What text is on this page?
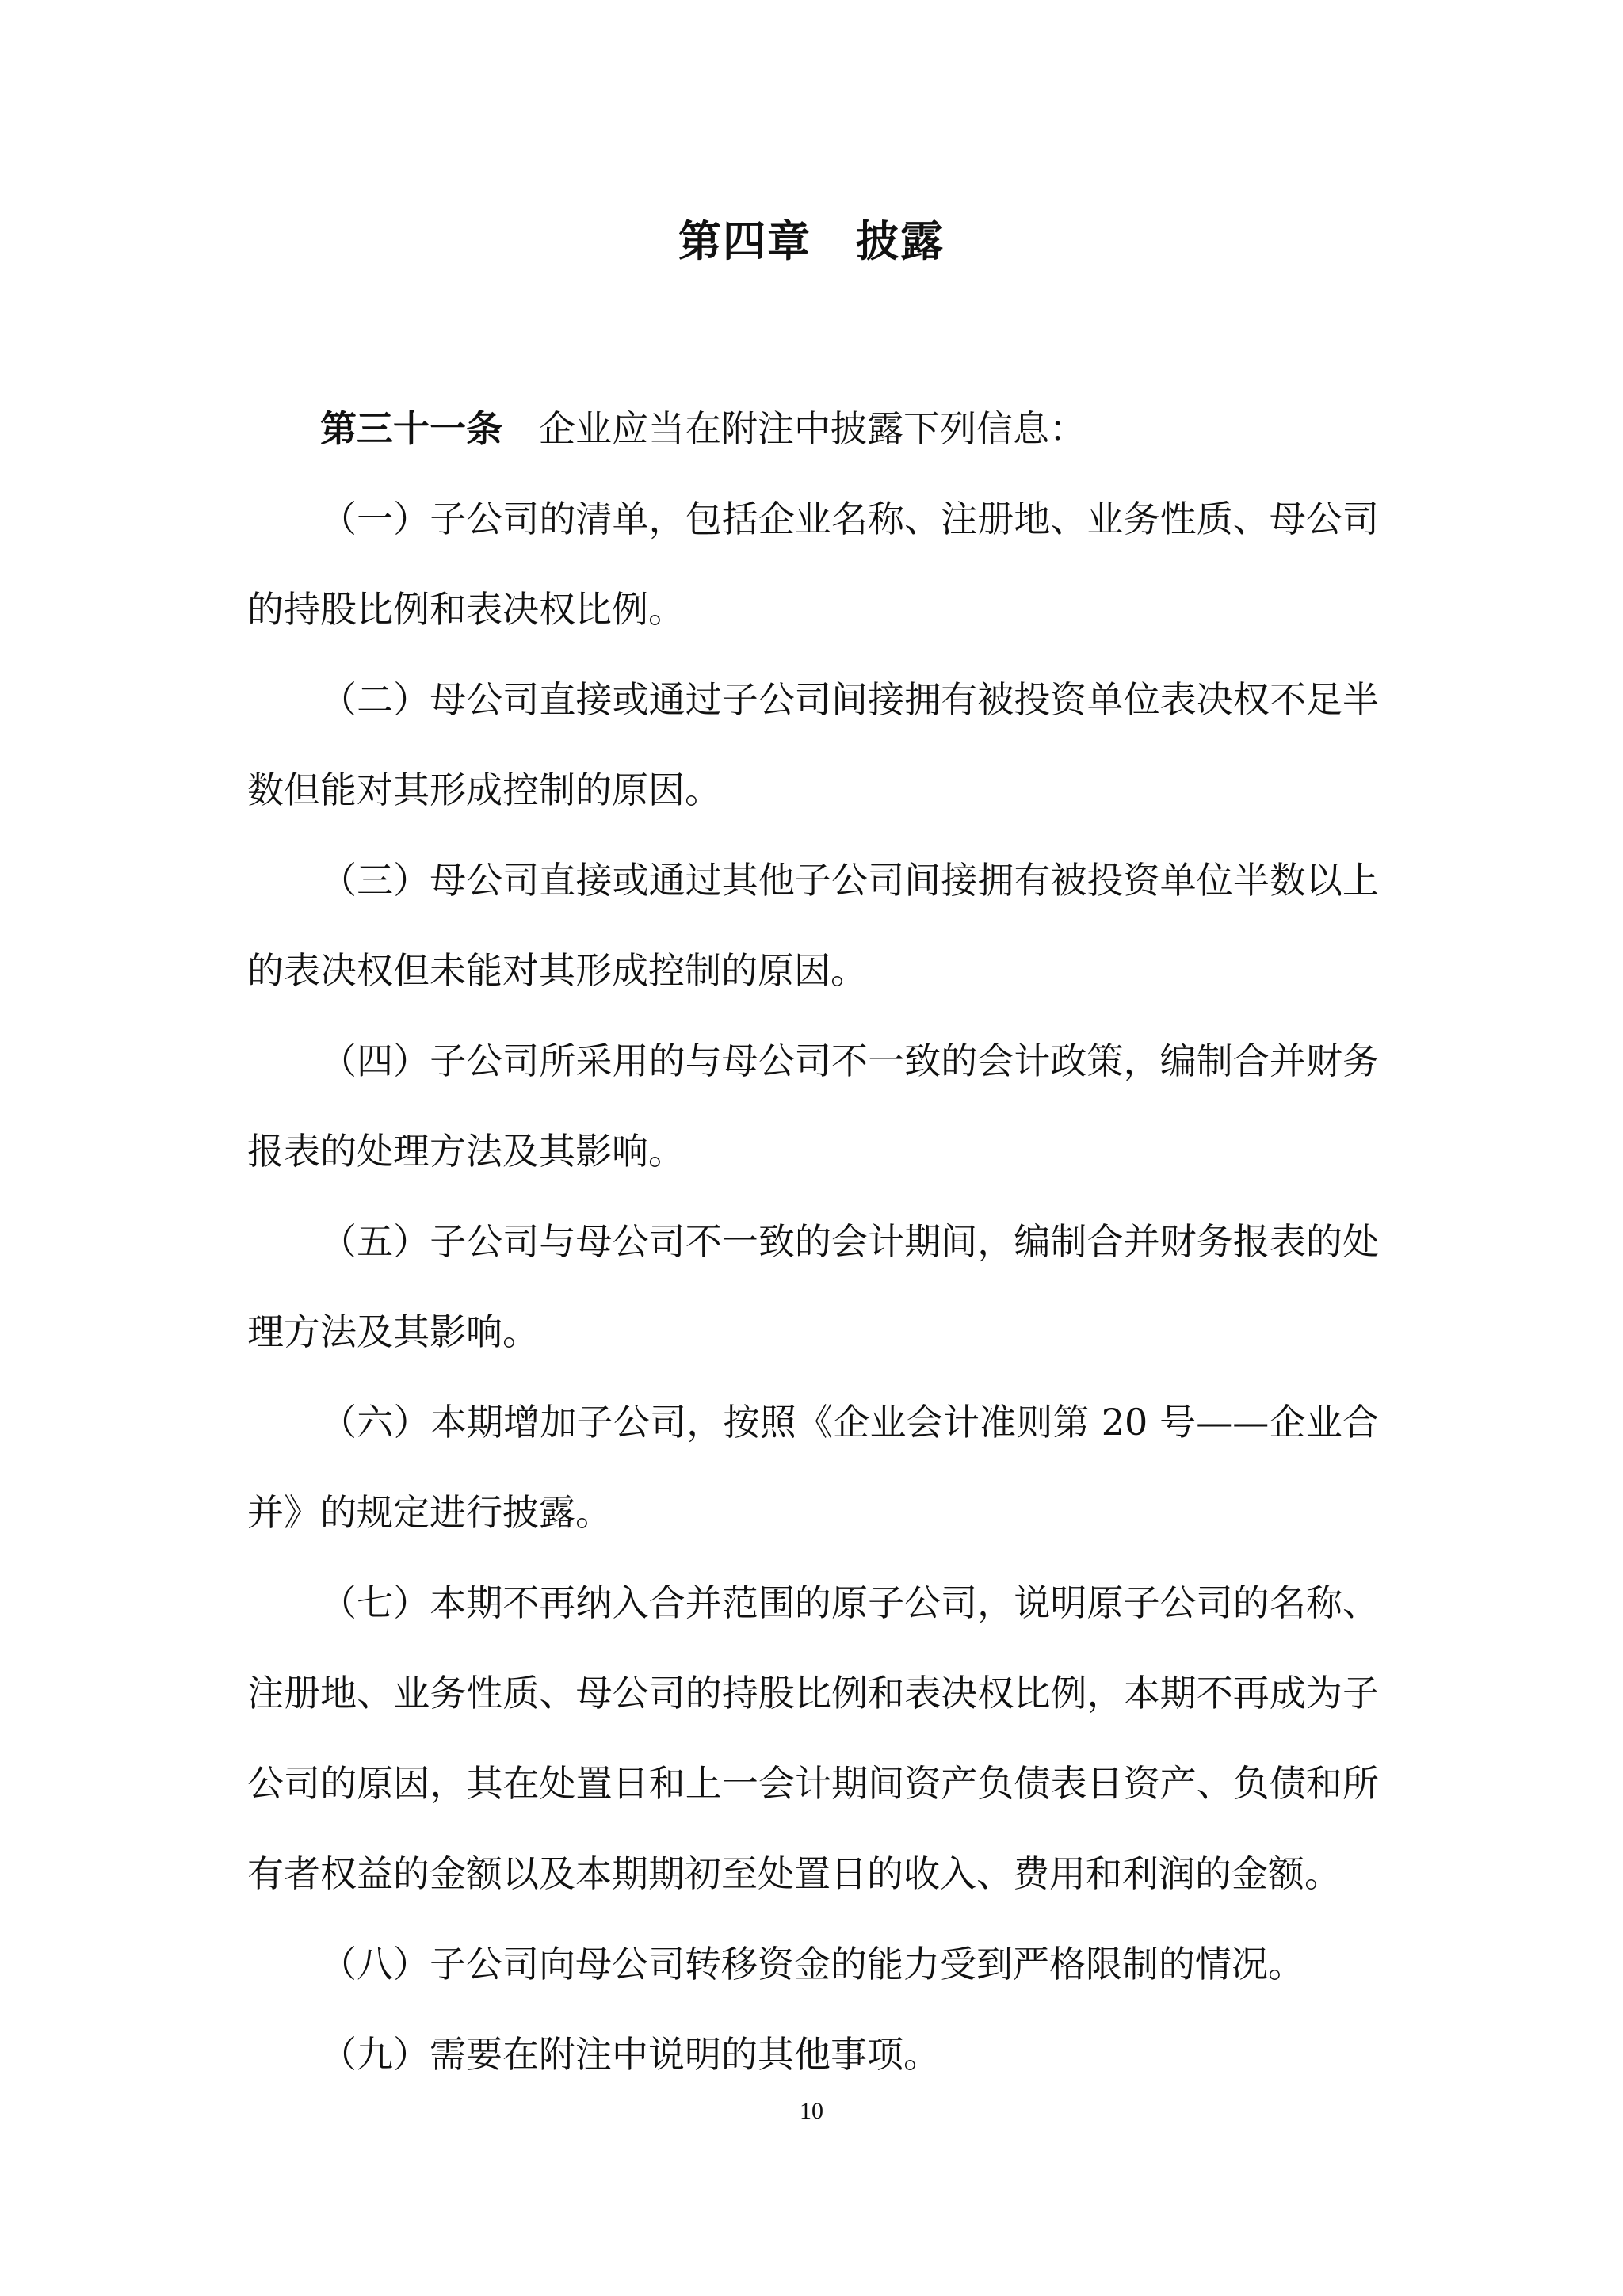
第四章　披露

第三十一条　 企业应当在附注中披露下列信息：

（一）子公司的清单，包括企业名称、注册地、业务性质、母公司的持股比例和表决权比例。

（二）母公司直接或通过子公司间接拥有被投资单位表决权不足半数但能对其形成控制的原因。

（三）母公司直接或通过其他子公司间接拥有被投资单位半数以上的表决权但未能对其形成控制的原因。

（四）子公司所采用的与母公司不一致的会计政策，编制合并财务报表的处理方法及其影响。

（五）子公司与母公司不一致的会计期间，编制合并财务报表的处理方法及其影响。

（六）本期增加子公司，按照《企业会计准则第 20 号——企业合并》的规定进行披露。

（七）本期不再纳入合并范围的原子公司，说明原子公司的名称、注册地、业务性质、母公司的持股比例和表决权比例，本期不再成为子公司的原因，其在处置日和上一会计期间资产负债表日资产、负债和所有者权益的金额以及本期期初至处置日的收入、费用和利润的金额。

（八）子公司向母公司转移资金的能力受到严格限制的情况。

（九）需要在附注中说明的其他事项。

10
